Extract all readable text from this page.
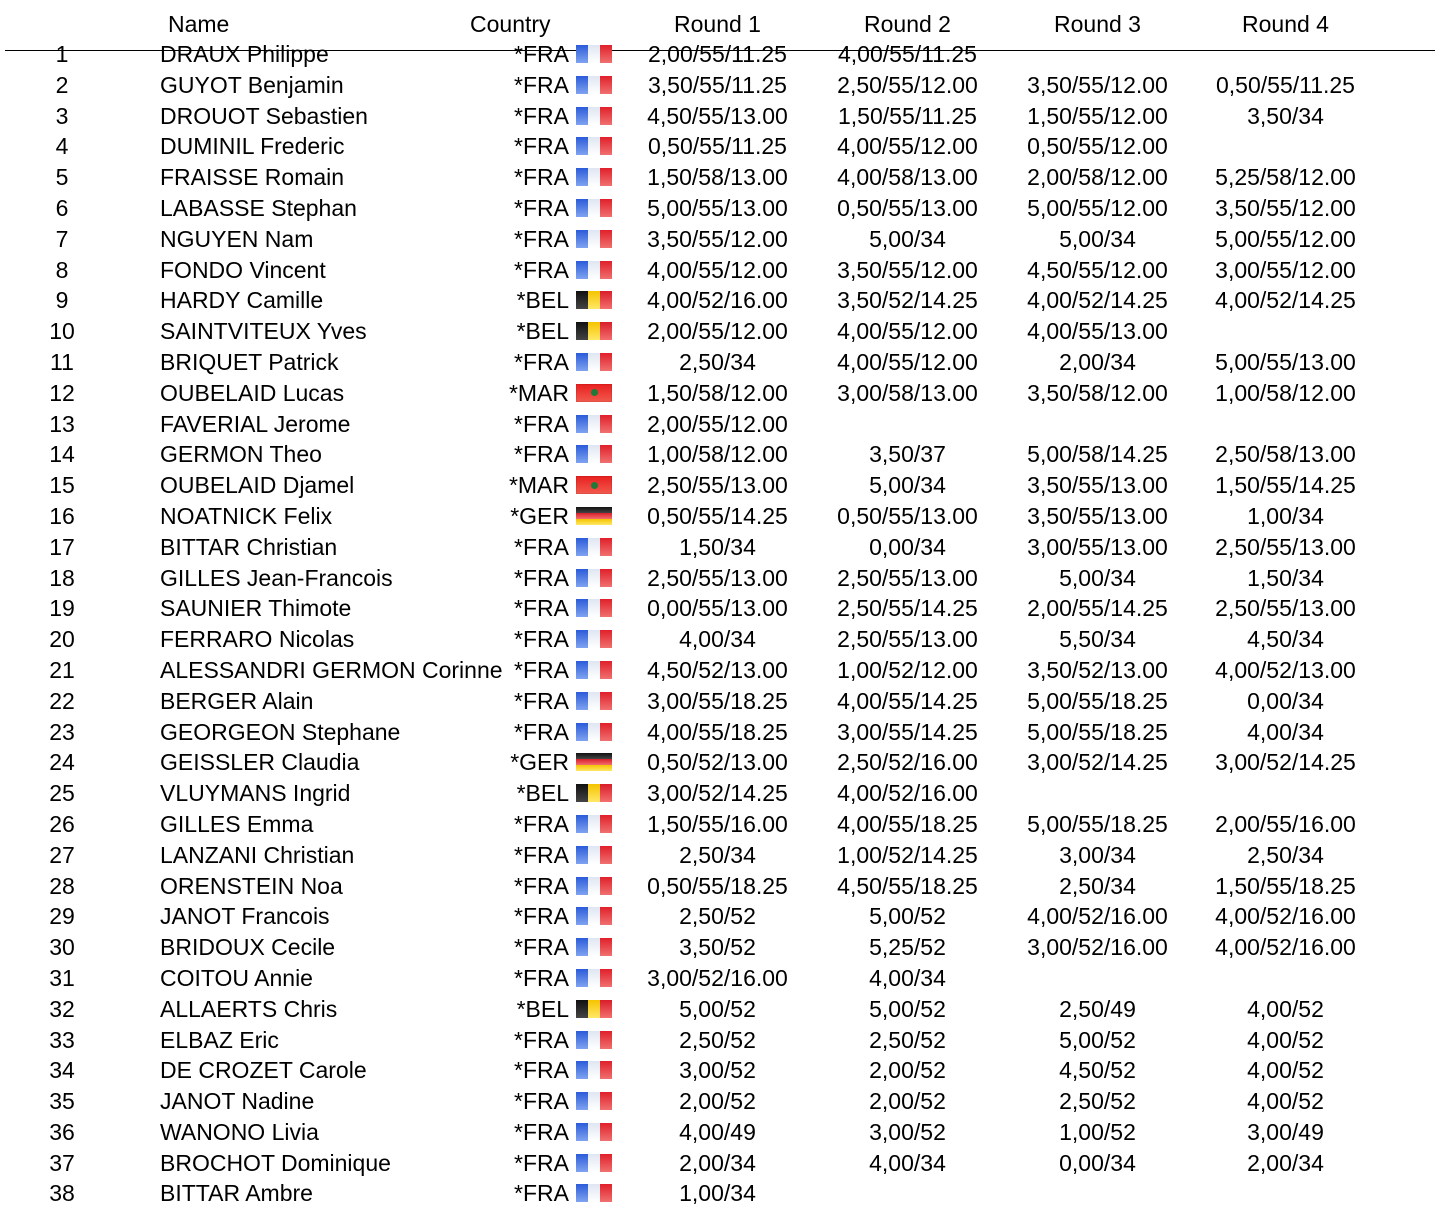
Name	Country	Round 1	Round 2	Round 3	Round 4
1	DRAUX Philippe	*FRA	2,00/55/11.25	4,00/55/11.25
2	GUYOT Benjamin	*FRA	3,50/55/11.25	2,50/55/12.00	3,50/55/12.00	0,50/55/11.25
3	DROUOT Sebastien	*FRA	4,50/55/13.00	1,50/55/11.25	1,50/55/12.00	3,50/34
4	DUMINIL Frederic	*FRA	0,50/55/11.25	4,00/55/12.00	0,50/55/12.00
5	FRAISSE Romain	*FRA	1,50/58/13.00	4,00/58/13.00	2,00/58/12.00	5,25/58/12.00
6	LABASSE Stephan	*FRA	5,00/55/13.00	0,50/55/13.00	5,00/55/12.00	3,50/55/12.00
7	NGUYEN Nam	*FRA	3,50/55/12.00	5,00/34	5,00/34	5,00/55/12.00
8	FONDO Vincent	*FRA	4,00/55/12.00	3,50/55/12.00	4,50/55/12.00	3,00/55/12.00
9	HARDY Camille	*BEL	4,00/52/16.00	3,50/52/14.25	4,00/52/14.25	4,00/52/14.25
10	SAINTVITEUX Yves	*BEL	2,00/55/12.00	4,00/55/12.00	4,00/55/13.00
11	BRIQUET Patrick	*FRA	2,50/34	4,00/55/12.00	2,00/34	5,00/55/13.00
12	OUBELAID Lucas	*MAR	1,50/58/12.00	3,00/58/13.00	3,50/58/12.00	1,00/58/12.00
13	FAVERIAL Jerome	*FRA	2,00/55/12.00
14	GERMON Theo	*FRA	1,00/58/12.00	3,50/37	5,00/58/14.25	2,50/58/13.00
15	OUBELAID Djamel	*MAR	2,50/55/13.00	5,00/34	3,50/55/13.00	1,50/55/14.25
16	NOATNICK Felix	*GER	0,50/55/14.25	0,50/55/13.00	3,50/55/13.00	1,00/34
17	BITTAR Christian	*FRA	1,50/34	0,00/34	3,00/55/13.00	2,50/55/13.00
18	GILLES Jean-Francois	*FRA	2,50/55/13.00	2,50/55/13.00	5,00/34	1,50/34
19	SAUNIER Thimote	*FRA	0,00/55/13.00	2,50/55/14.25	2,00/55/14.25	2,50/55/13.00
20	FERRARO Nicolas	*FRA	4,00/34	2,50/55/13.00	5,50/34	4,50/34
21	ALESSANDRI GERMON Corinne *FRA	4,50/52/13.00	1,00/52/12.00	3,50/52/13.00	4,00/52/13.00
22	BERGER Alain	*FRA	3,00/55/18.25	4,00/55/14.25	5,00/55/18.25	0,00/34
23	GEORGEON Stephane	*FRA	4,00/55/18.25	3,00/55/14.25	5,00/55/18.25	4,00/34
24	GEISSLER Claudia	*GER	0,50/52/13.00	2,50/52/16.00	3,00/52/14.25	3,00/52/14.25
25	VLUYMANS Ingrid	*BEL	3,00/52/14.25	4,00/52/16.00
26	GILLES Emma	*FRA	1,50/55/16.00	4,00/55/18.25	5,00/55/18.25	2,00/55/16.00
27	LANZANI Christian	*FRA	2,50/34	1,00/52/14.25	3,00/34	2,50/34
28	ORENSTEIN Noa	*FRA	0,50/55/18.25	4,50/55/18.25	2,50/34	1,50/55/18.25
29	JANOT Francois	*FRA	2,50/52	5,00/52	4,00/52/16.00	4,00/52/16.00
30	BRIDOUX Cecile	*FRA	3,50/52	5,25/52	3,00/52/16.00	4,00/52/16.00
31	COITOU Annie	*FRA	3,00/52/16.00	4,00/34
32	ALLAERTS Chris	*BEL	5,00/52	5,00/52	2,50/49	4,00/52
33	ELBAZ Eric	*FRA	2,50/52	2,50/52	5,00/52	4,00/52
34	DE CROZET Carole	*FRA	3,00/52	2,00/52	4,50/52	4,00/52
35	JANOT Nadine	*FRA	2,00/52	2,00/52	2,50/52	4,00/52
36	WANONO Livia	*FRA	4,00/49	3,00/52	1,00/52	3,00/49
37	BROCHOT Dominique	*FRA	2,00/34	4,00/34	0,00/34	2,00/34
38	BITTAR Ambre	*FRA	1,00/34
